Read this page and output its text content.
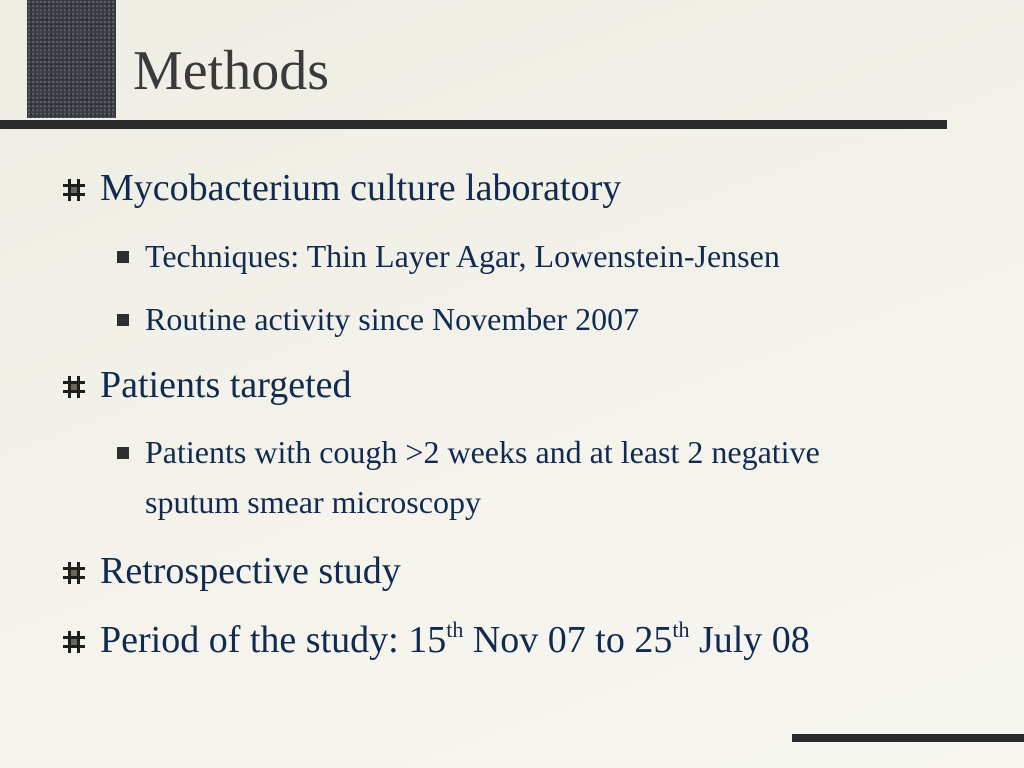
Methods
Mycobacterium culture laboratory
Techniques: Thin Layer Agar, Lowenstein-Jensen
Routine activity since November 2007
Patients targeted
Patients with cough >2 weeks and at least 2 negative sputum smear microscopy
Retrospective study
Period of the study: 15th Nov 07 to 25th July 08
